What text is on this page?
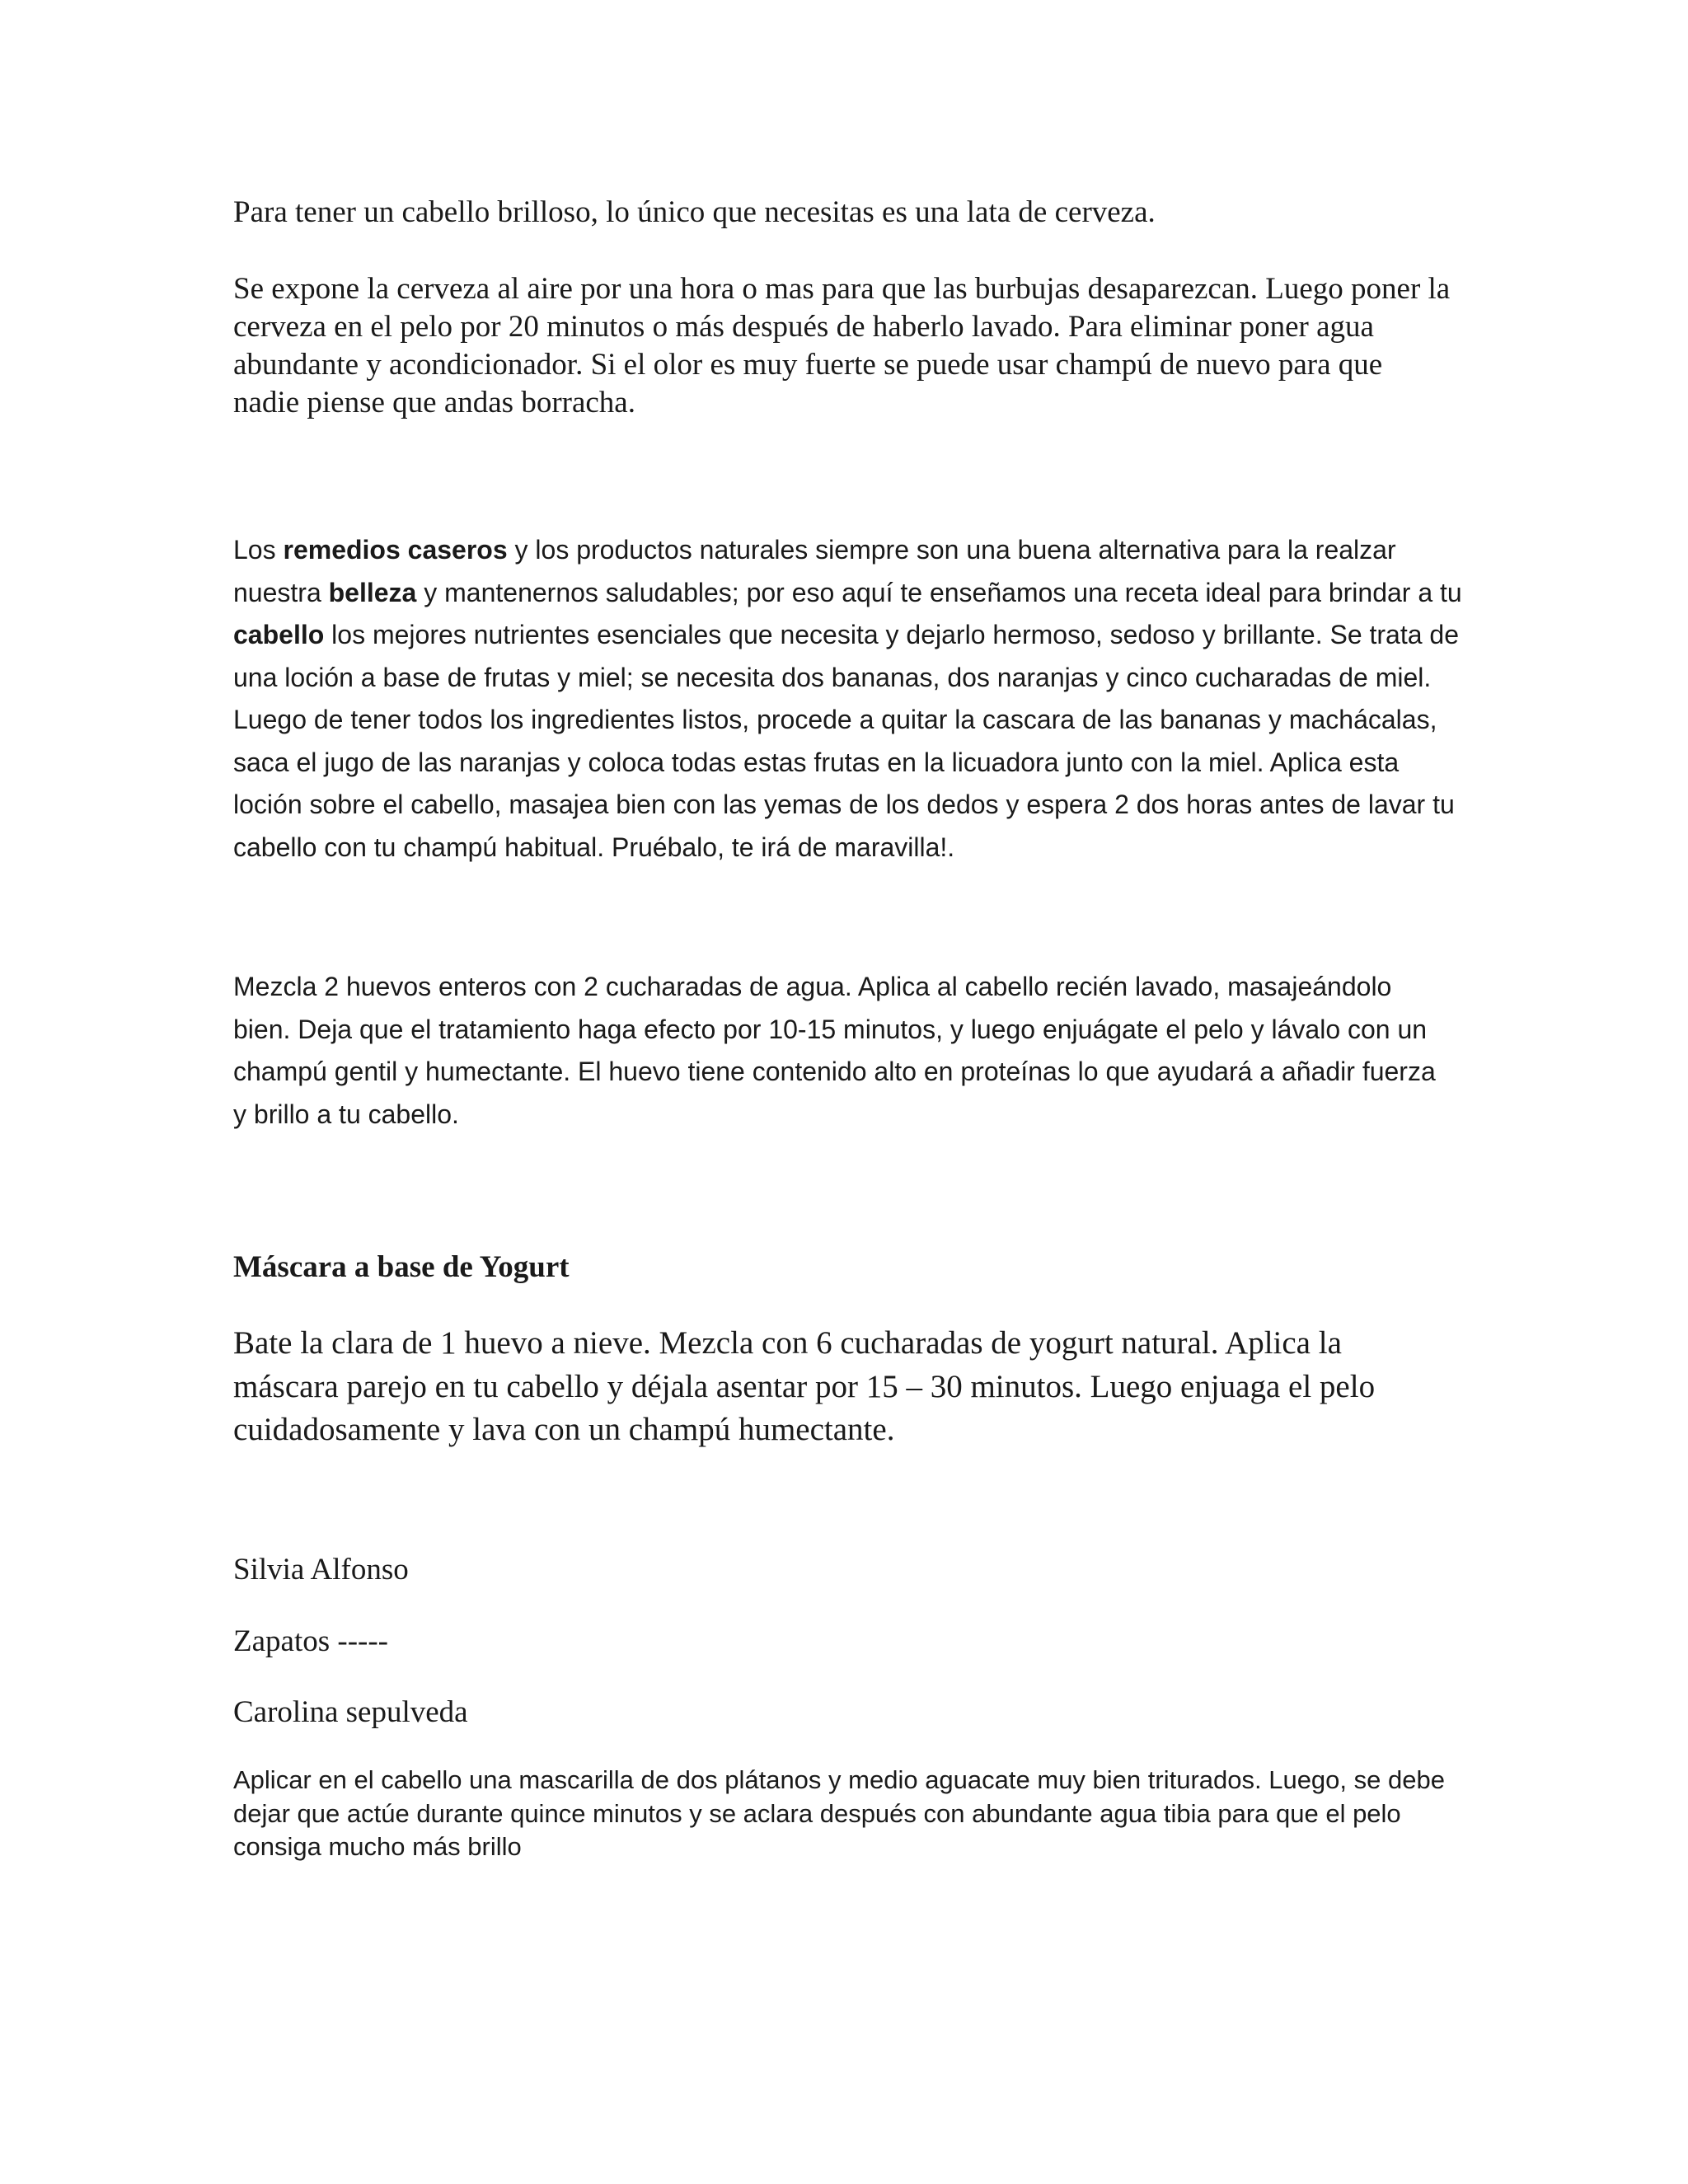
Para tener un cabello brilloso, lo único que necesitas es una lata de cerveza.

Se expone la cerveza al aire por una hora o mas para que las burbujas desaparezcan. Luego poner la cerveza en el pelo por 20 minutos o más después de haberlo lavado. Para eliminar poner agua abundante y acondicionador. Si el olor es muy fuerte se puede usar champú de nuevo para que nadie piense que andas borracha.

Los remedios caseros y los productos naturales siempre son una buena alternativa para la realzar nuestra belleza y mantenernos saludables; por eso aquí te enseñamos una receta ideal para brindar a tu cabello los mejores nutrientes esenciales que necesita y dejarlo hermoso, sedoso y brillante. Se trata de una loción a base de frutas y miel; se necesita dos bananas, dos naranjas y cinco cucharadas de miel. Luego de tener todos los ingredientes listos, procede a quitar la cascara de las bananas y machácalas, saca el jugo de las naranjas y coloca todas estas frutas en la licuadora junto con la miel. Aplica esta loción sobre el cabello, masajea bien con las yemas de los dedos y espera 2 dos horas antes de lavar tu cabello con tu champú habitual. Pruébalo, te irá de maravilla!.

Mezcla 2 huevos enteros con 2 cucharadas de agua. Aplica al cabello recién lavado, masajeándolo bien. Deja que el tratamiento haga efecto por 10-15 minutos, y luego enjuágate el pelo y lávalo con un champú gentil y humectante. El huevo tiene contenido alto en proteínas lo que ayudará a añadir fuerza y brillo a tu cabello.

Máscara a base de Yogurt

Bate la clara de 1 huevo a nieve. Mezcla con 6 cucharadas de yogurt natural. Aplica la máscara parejo en tu cabello y déjala asentar por 15 – 30 minutos. Luego enjuaga el pelo cuidadosamente y lava con un champú humectante.

Silvia Alfonso

Zapatos -----

Carolina sepulveda

Aplicar en el cabello una mascarilla de dos plátanos y medio aguacate muy bien triturados. Luego, se debe dejar que actúe durante quince minutos y se aclara después con abundante agua tibia para que el pelo consiga mucho más brillo
